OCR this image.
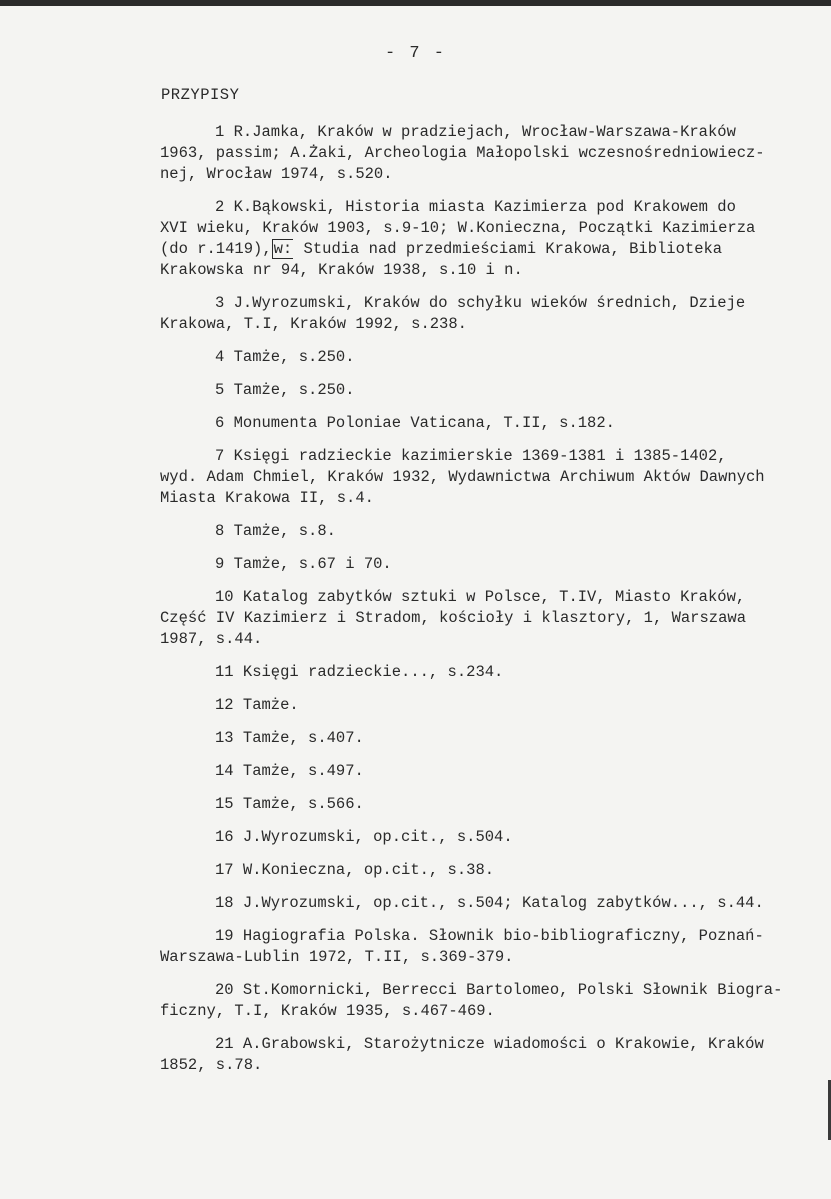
- 7 -
PRZYPISY

1 R.Jamka, Kraków w pradziejach, Wrocław-Warszawa-Kraków

1963, passim; A.Żaki, Archeologia Małopolski wczesnośredniowiecz-

nej, Wrocław 1974, s.520.

2 K.Bąkowski, Historia miasta Kazimierza pod Krakowem do

XVI wieku, Kraków 1903, s.9-10; W.Konieczna, Początki Kazimierza

(do r.1419), w: Studia nad przedmieściami Krakowa, Biblioteka

Krakowska nr 94, Kraków 1938, s.10 i n.

3 J.Wyrozumski, Kraków do schyłku wieków średnich, Dzieje

Krakowa, T.I, Kraków 1992, s.238.

4 Tamże, s.250.

5 Tamże, s.250.

6 Monumenta Poloniae Vaticana, T.II, s.182.

7 Księgi radzieckie kazimierskie 1369-1381 i 1385-1402,

wyd. Adam Chmiel, Kraków 1932, Wydawnictwa Archiwum Aktów Dawnych

Miasta Krakowa II, s.4.

8 Tamże, s.8.

9 Tamże, s.67 i 70.

10 Katalog zabytków sztuki w Polsce, T.IV, Miasto Kraków,

Część IV Kazimierz i Stradom, kościoły i klasztory, 1, Warszawa

1987, s.44.

11 Księgi radzieckie..., s.234.

12 Tamże.

13 Tamże, s.407.

14 Tamże, s.497.

15 Tamże, s.566.

16 J.Wyrozumski, op.cit., s.504.

17 W.Konieczna, op.cit., s.38.

18 J.Wyrozumski, op.cit., s.504; Katalog zabytków..., s.44.

19 Hagiografia Polska. Słownik bio-bibliograficzny, Poznań-

Warszawa-Lublin 1972, T.II, s.369-379.

20 St.Komornicki, Berrecci Bartolomeo, Polski Słownik Biogra-

ficzny, T.I, Kraków 1935, s.467-469.

21 A.Grabowski, Starożytnicze wiadomości o Krakowie, Kraków

1852, s.78.
